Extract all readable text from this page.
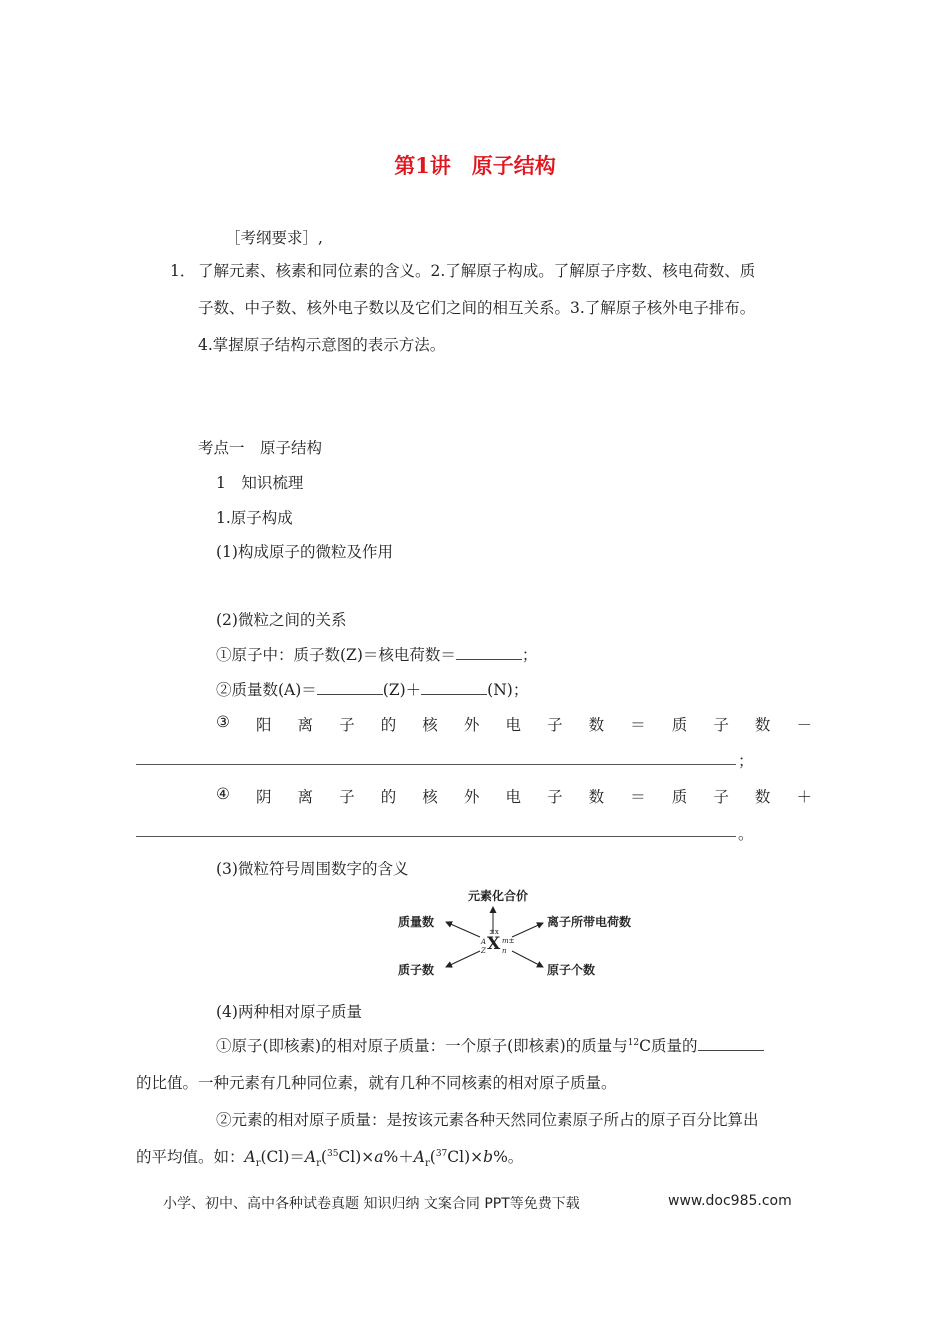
第1讲　原子结构
［考纲要求］,
1． 了解元素、核素和同位素的含义。2.了解原子构成。了解原子序数、核电荷数、质
子数、中子数、核外电子数以及它们之间的相互关系。3.了解原子核外电子排布。
4.掌握原子结构示意图的表示方法。
考点一　原子结构
1　知识梳理
1.原子构成
(1)构成原子的微粒及作用
(2)微粒之间的关系
①原子中：质子数(Z)＝核电荷数＝	；
②质量数(A)＝	(Z)＋	(N)；
③ 阳 离 子 的 核 外 电 子 数 ＝ 质 子 数 －
；
④ 阴 离 子 的 核 外 电 子 数 ＝ 质 子 数 ＋
。
(3)微粒符号周围数字的含义
元素化合价
质量数
质子数
离子所带电荷数
原子个数
±x
A
Z X m±
n
(4)两种相对原子质量
①原子(即核素)的相对原子质量：一个原子(即核素)的质量与$^{12}$C质量的
的比值。一种元素有几种同位素，就有几种不同核素的相对原子质量。
②元素的相对原子质量：是按该元素各种天然同位素原子所占的原子百分比算出
的平均值。如：$A_r(Cl)=A_r(^{35}Cl)\times a\%+A_r(^{37}Cl)\times b\%$。
小学、初中、高中各种试卷真题 知识归纳 文案合同 PPT等免费下载	www.doc985.com
